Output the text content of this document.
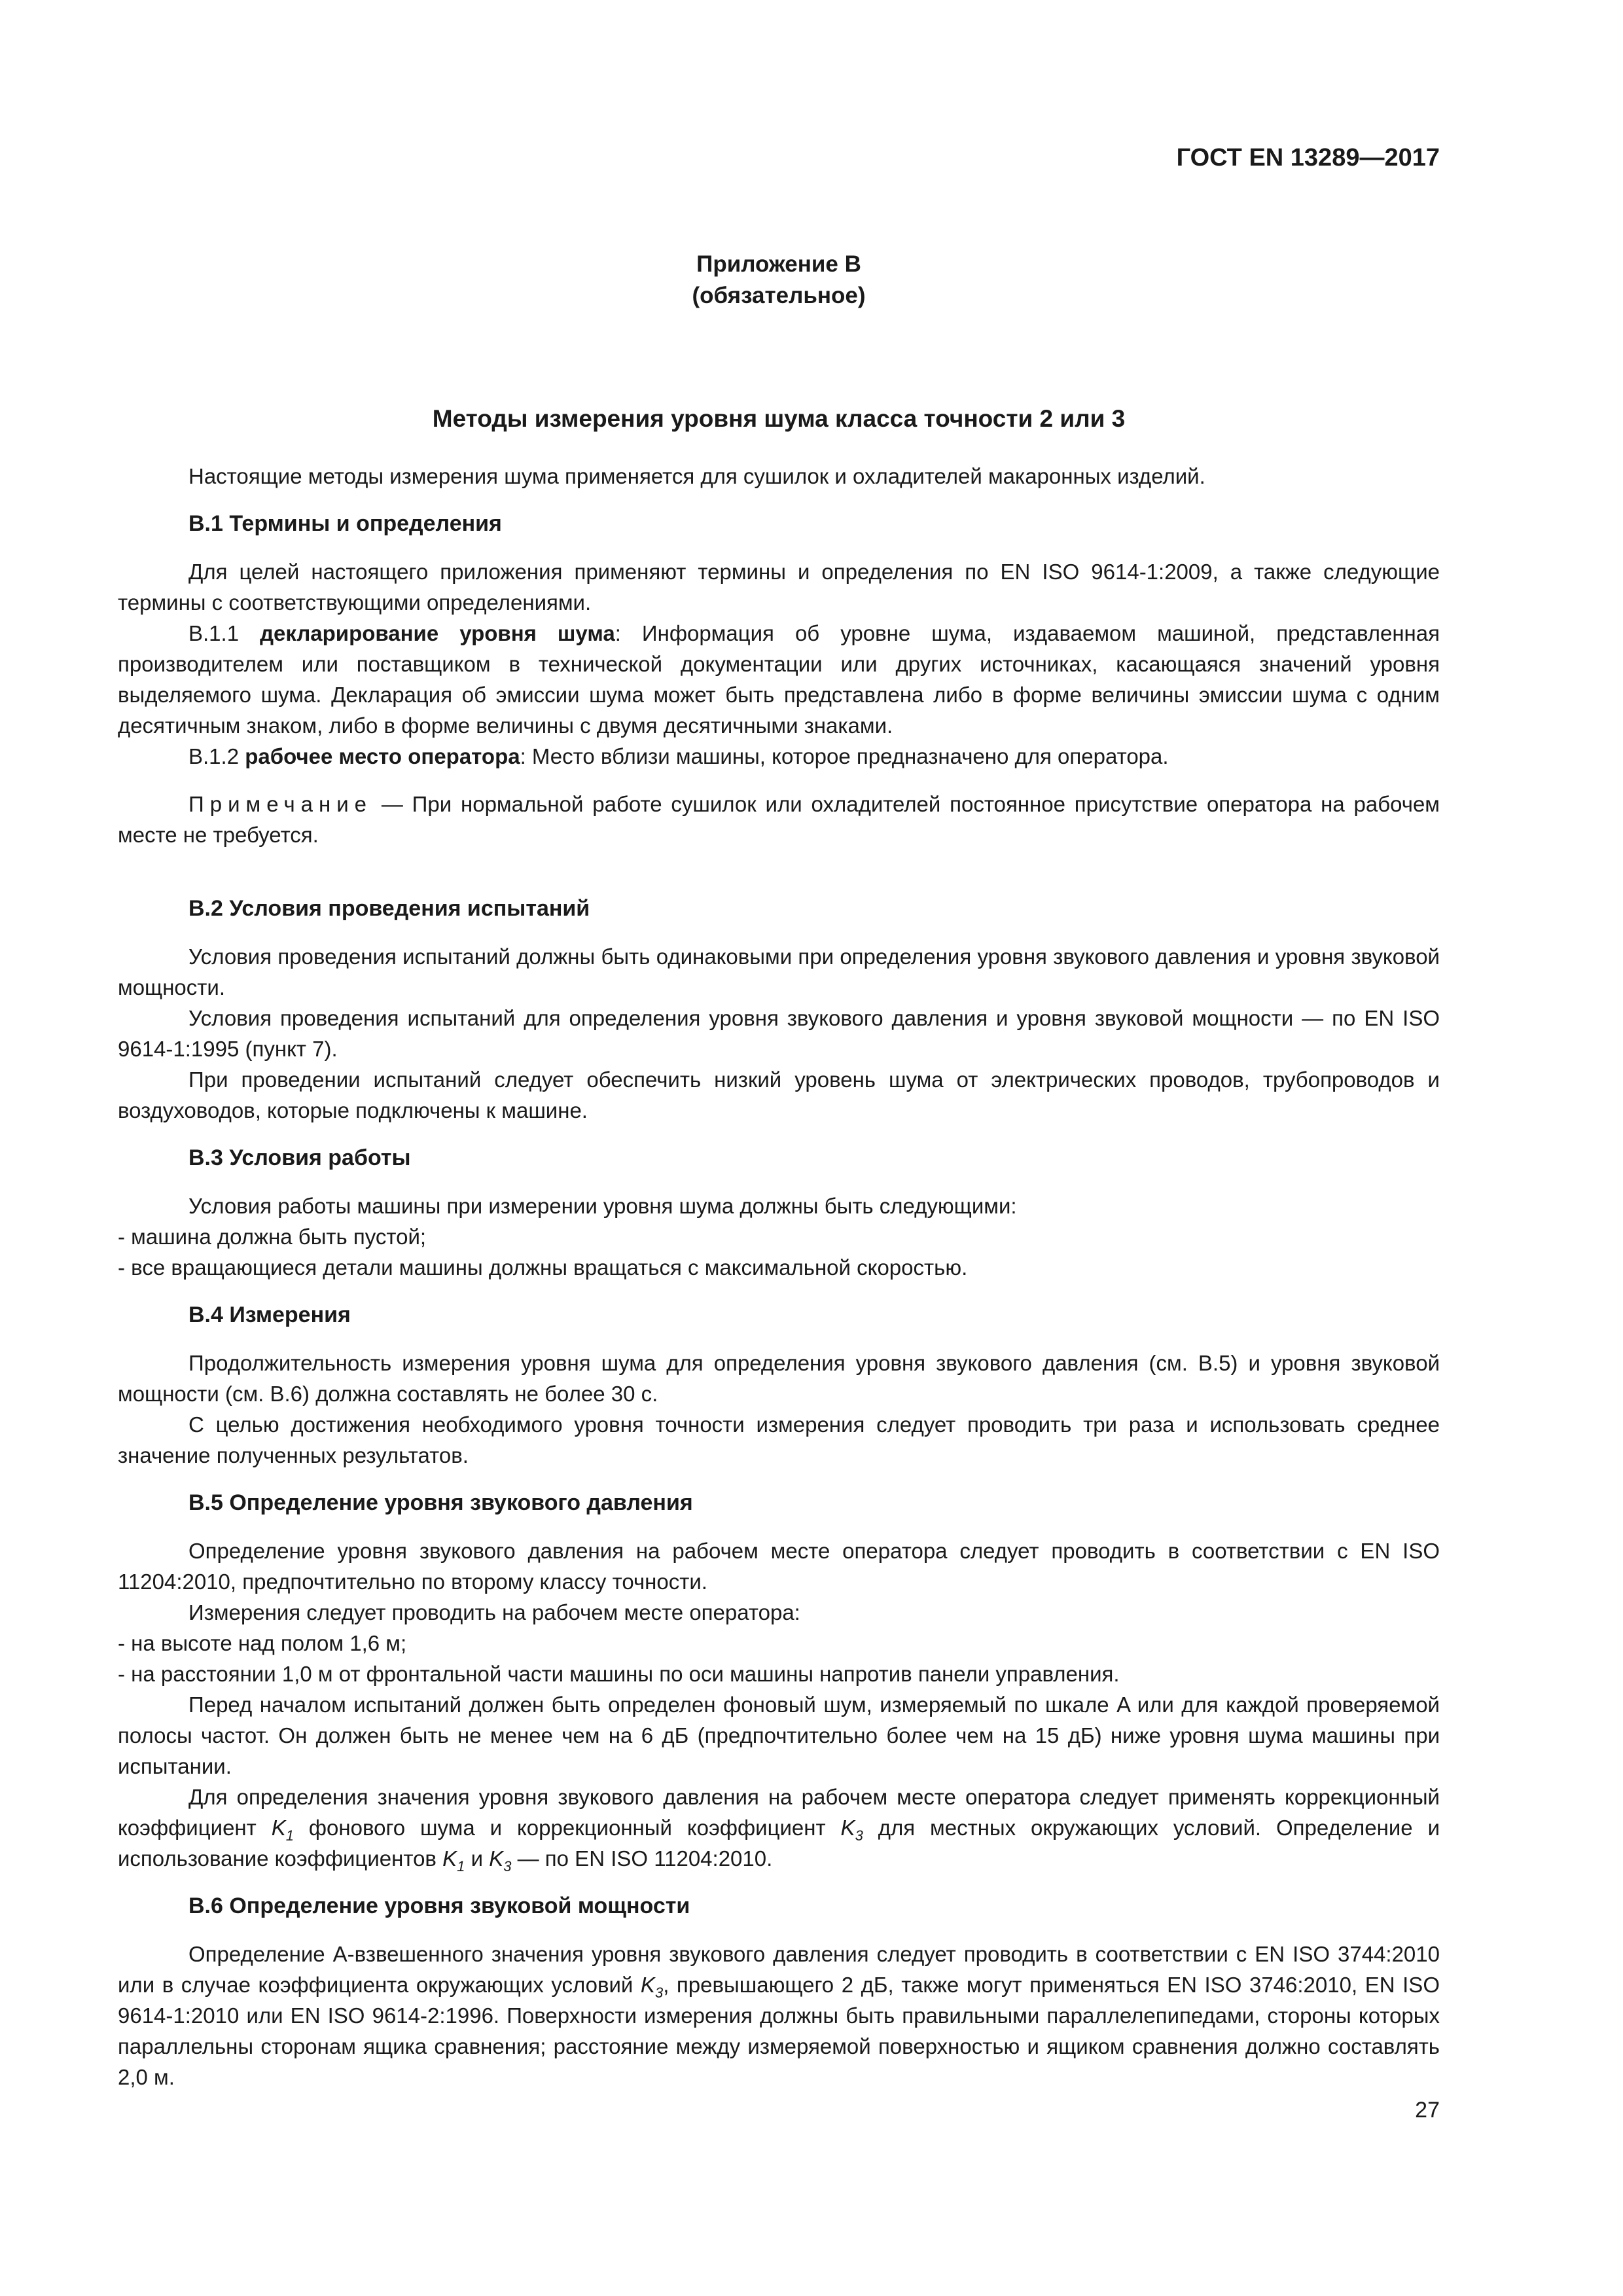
ГОСТ EN 13289—2017
Приложение B
(обязательное)
Методы измерения уровня шума класса точности 2 или 3

Настоящие методы измерения шума применяется для сушилок и охладителей макаронных изделий.

B.1 Термины и определения

Для целей настоящего приложения применяют термины и определения по EN ISO 9614-1:2009, а также следующие термины с соответствующими определениями.

B.1.1 декларирование уровня шума: Информация об уровне шума, издаваемом машиной, представленная производителем или поставщиком в технической документации или других источниках, касающаяся значений уровня выделяемого шума. Декларация об эмиссии шума может быть представлена либо в форме величины эмиссии шума с одним десятичным знаком, либо в форме величины с двумя десятичными знаками.

B.1.2 рабочее место оператора: Место вблизи машины, которое предназначено для оператора.

Примечание — При нормальной работе сушилок или охладителей постоянное присутствие оператора на рабочем месте не требуется.

B.2 Условия проведения испытаний

Условия проведения испытаний должны быть одинаковыми при определения уровня звукового давления и уровня звуковой мощности.

Условия проведения испытаний для определения уровня звукового давления и уровня звуковой мощности — по EN ISO 9614-1:1995 (пункт 7).

При проведении испытаний следует обеспечить низкий уровень шума от электрических проводов, трубопроводов и воздуховодов, которые подключены к машине.

B.3 Условия работы

Условия работы машины при измерении уровня шума должны быть следующими:

- машина должна быть пустой;

- все вращающиеся детали машины должны вращаться с максимальной скоростью.

B.4 Измерения

Продолжительность измерения уровня шума для определения уровня звукового давления (см. B.5) и уровня звуковой мощности (см. B.6) должна составлять не более 30 с.

С целью достижения необходимого уровня точности измерения следует проводить три раза и использовать среднее значение полученных результатов.

B.5 Определение уровня звукового давления

Определение уровня звукового давления на рабочем месте оператора следует проводить в соответствии с EN ISO 11204:2010, предпочтительно по второму классу точности.

Измерения следует проводить на рабочем месте оператора:

- на высоте над полом 1,6 м;

- на расстоянии 1,0 м от фронтальной части машины по оси машины напротив панели управления.

Перед началом испытаний должен быть определен фоновый шум, измеряемый по шкале A или для каждой проверяемой полосы частот. Он должен быть не менее чем на 6 дБ (предпочтительно более чем на 15 дБ) ниже уровня шума машины при испытании.

Для определения значения уровня звукового давления на рабочем месте оператора следует применять коррекционный коэффициент $K_1$ фонового шума и коррекционный коэффициент $K_3$ для местных окружающих условий. Определение и использование коэффициентов $K_1$ и $K_3$ — по EN ISO 11204:2010.

B.6 Определение уровня звуковой мощности

Определение A-взвешенного значения уровня звукового давления следует проводить в соответствии с EN ISO 3744:2010 или в случае коэффициента окружающих условий $K_3$, превышающего 2 дБ, также могут применяться EN ISO 3746:2010, EN ISO 9614-1:2010 или EN ISO 9614-2:1996. Поверхности измерения должны быть правильными параллелепипедами, стороны которых параллельны сторонам ящика сравнения; расстояние между измеряемой поверхностью и ящиком сравнения должно составлять 2,0 м.

27
